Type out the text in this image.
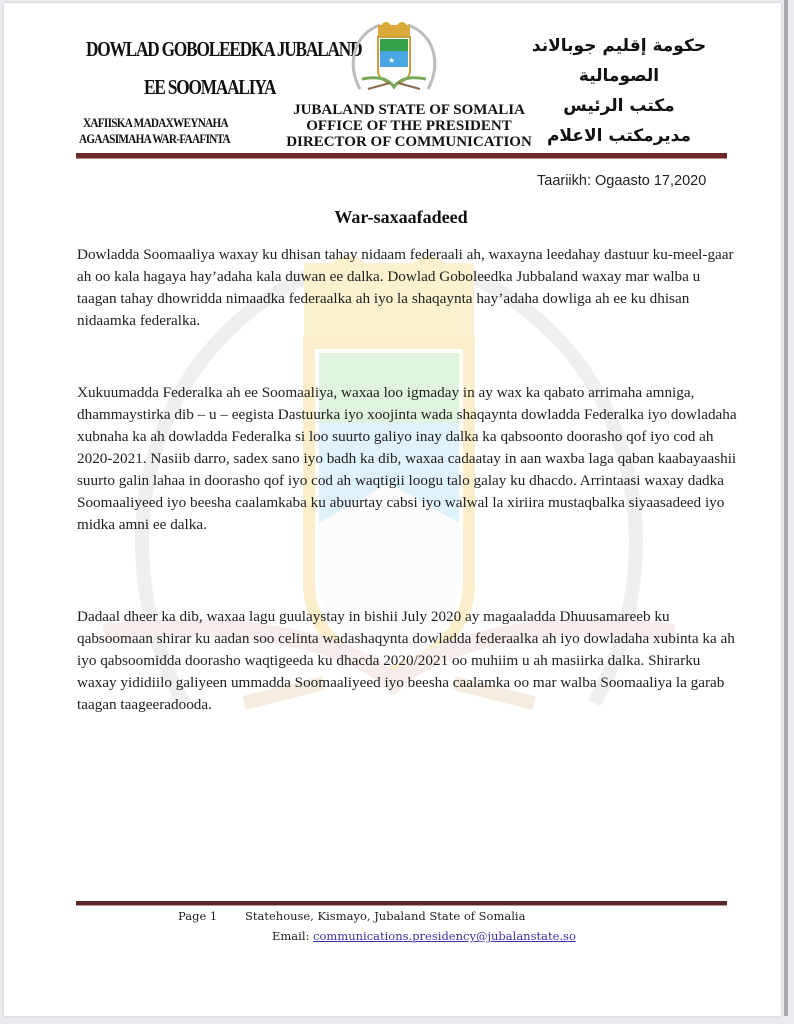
DOWLAD GOBOLEEDKA JUBALAND
EE SOOMAALIYA
XAFIISKA MADAXWEYNAHA
AGAASIMAHA WAR-FAAFINTA
★
JUBALAND STATE OF SOMALIA
OFFICE OF THE PRESIDENT
DIRECTOR OF COMMUNICATION
حكومة إقليم جوبالاند الصومالية
مكتب الرئيس
مديرمكتب الاعلام
Taariikh: Ogaasto 17,2020
War-saxaafadeed

Dowladda Soomaaliya waxay ku dhisan tahay nidaam federaali ah, waxayna leedahay dastuur ku-meel-gaar ah oo kala hagaya hay’adaha kala duwan ee dalka. Dowlad Goboleedka Jubbaland waxay mar walba u taagan tahay dhowridda nimaadka federaalka ah iyo la shaqaynta hay’adaha dowliga ah ee ku dhisan nidaamka federalka.

Xukuumadda Federalka ah ee Soomaaliya, waxaa loo igmaday in ay wax ka qabato arrimaha amniga, dhammaystirka dib – u – eegista Dastuurka iyo xoojinta wada shaqaynta dowladda Federalka iyo dowladaha xubnaha ka ah dowladda Federalka si loo suurto galiyo inay dalka ka qabsoonto doorasho qof iyo cod ah 2020-2021. Nasiib darro, sadex sano iyo badh ka dib, waxaa cadaatay in aan waxba laga qaban kaabayaashii suurto galin lahaa in doorasho qof iyo cod ah waqtigii loogu talo galay ku dhacdo. Arrintaasi waxay dadka Soomaaliyeed iyo beesha caalamkaba ku abuurtay cabsi iyo walwal la xiriira mustaqbalka siyaasadeed iyo midka amni ee dalka.

Dadaal dheer ka dib, waxaa lagu guulaystay in bishii July 2020 ay magaaladda Dhuusamareeb ku qabsoomaan shirar ku aadan soo celinta wadashaqynta dowladda federaalka ah iyo dowladaha xubinta ka ah iyo qabsoomidda doorasho waqtigeeda ku dhacda 2020/2021 oo muhiim u ah masiirka dalka. Shirarku waxay yididiilo galiyeen ummadda Soomaaliyeed iyo beesha caalamka oo mar walba Soomaaliya la garab taagan taageeradooda.

Page 1 Statehouse, Kismayo, Jubaland State of Somalia
Email: communications.presidency@jubalanstate.so
